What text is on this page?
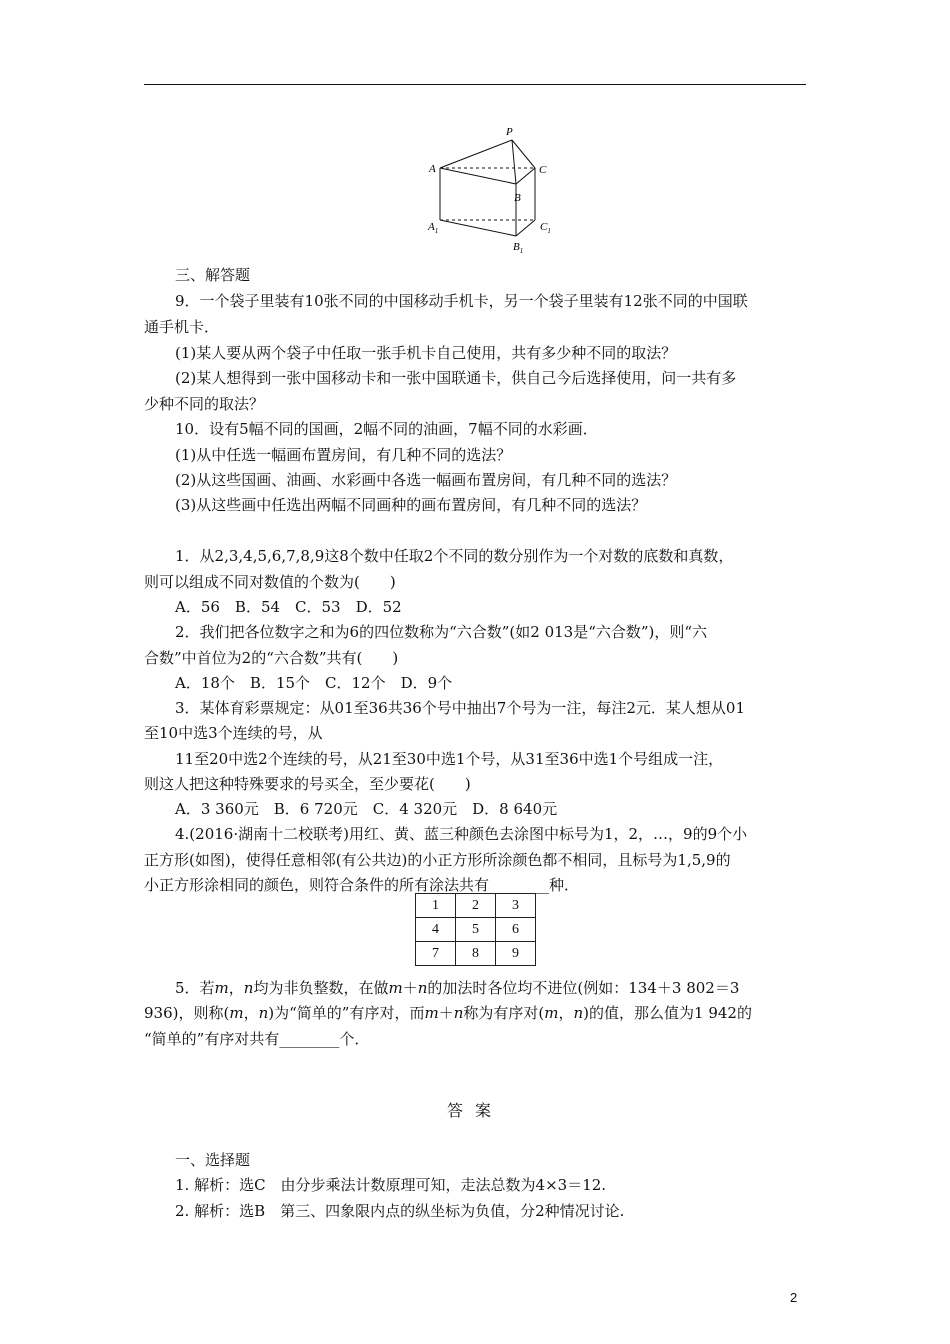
P
A	C
B
$A_1$	$C_1$
$B_1$
三、解答题
9．一个袋子里装有10张不同的中国移动手机卡，另一个袋子里装有12张不同的中国联
通手机卡．
(1)某人要从两个袋子中任取一张手机卡自己使用，共有多少种不同的取法？
(2)某人想得到一张中国移动卡和一张中国联通卡，供自己今后选择使用，问一共有多
少种不同的取法？
10．设有5幅不同的国画，2幅不同的油画，7幅不同的水彩画．
(1)从中任选一幅画布置房间，有几种不同的选法？
(2)从这些国画、油画、水彩画中各选一幅画布置房间，有几种不同的选法？
(3)从这些画中任选出两幅不同画种的画布置房间，有几种不同的选法？
1．从2,3,4,5,6,7,8,9这8个数中任取2个不同的数分别作为一个对数的底数和真数，
则可以组成不同对数值的个数为(　　)
A．56　B．54　C．53　D．52
2．我们把各位数字之和为6的四位数称为“六合数”(如2 013是“六合数”)，则“六
合数”中首位为2的“六合数”共有(　　)
A．18个　B．15个　C．12个　D．9个
3．某体育彩票规定：从01至36共36个号中抽出7个号为一注，每注2元．某人想从01
至10中选3个连续的号，从
11至20中选2个连续的号，从21至30中选1个号，从31至36中选1个号组成一注，
则这人把这种特殊要求的号买全，至少要花(　　)
A．3 360元　B．6 720元　C．4 320元　D．8 640元
4.(2016·湖南十二校联考)用红、黄、蓝三种颜色去涂图中标号为1，2，…，9的9个小
正方形(如图)，使得任意相邻(有公共边)的小正方形所涂颜色都不相同，且标号为1,5,9的
小正方形涂相同的颜色，则符合条件的所有涂法共有________种．
1	2	3
4	5	6
7	8	9
5．若m，n均为非负整数，在做m＋n的加法时各位均不进位(例如：134＋3 802＝3
936)，则称(m，n)为“简单的”有序对，而m＋n称为有序对(m，n)的值，那么值为1 942的
“简单的”有序对共有________个．
答案
一、选择题
1. 解析：选C　由分步乘法计数原理可知，走法总数为4×3＝12.
2. 解析：选B　第三、四象限内点的纵坐标为负值，分2种情况讨论.
2
